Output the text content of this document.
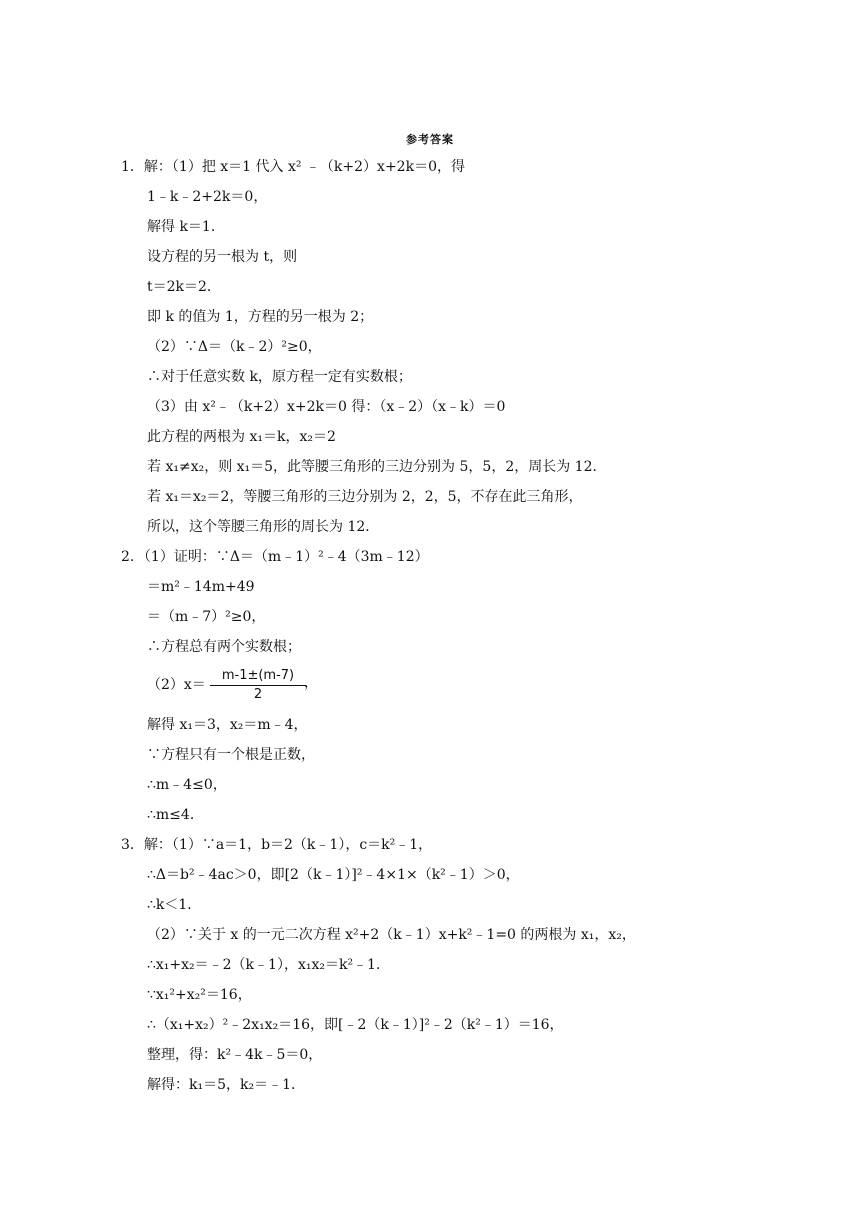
参考答案
1．解：（1）把 x＝1 代入 x² ﹣（k+2）x+2k＝0，得
1﹣k﹣2+2k＝0，
解得 k＝1．
设方程的另一根为 t，则
t＝2k＝2．
即 k 的值为 1，方程的另一根为 2；
（2）∵Δ＝（k﹣2）²≥0，
∴对于任意实数 k，原方程一定有实数根；
（3）由 x²﹣（k+2）x+2k＝0 得：（x﹣2）（x﹣k）＝0
此方程的两根为 x₁＝k，x₂＝2
若 x₁≠x₂，则 x₁＝5，此等腰三角形的三边分别为 5，5，2，周长为 12．
若 x₁＝x₂＝2，等腰三角形的三边分别为 2，2，5，不存在此三角形，
所以，这个等腰三角形的周长为 12．
2．（1）证明：∵Δ＝（m﹣1）²﹣4（3m﹣12）
＝m²﹣14m+49
＝（m﹣7）²≥0，
∴方程总有两个实数根；
（2）x＝
解得 x₁＝3，x₂＝m﹣4，
∵方程只有一个根是正数，
∴m﹣4≤0，
∴m≤4．
3．解：（1）∵a＝1，b＝2（k﹣1），c＝k²﹣1，
∴Δ＝b²﹣4ac＞0，即[2（k﹣1）]²﹣4×1×（k²﹣1）＞0，
∴k＜1．
（2）∵关于 x 的一元二次方程 x²+2（k﹣1）x+k²﹣1=0 的两根为 x₁，x₂，
∴x₁+x₂＝﹣2（k﹣1），x₁x₂＝k²﹣1．
∵x₁²+x₂²＝16，
∴（x₁+x₂）²﹣2x₁x₂＝16，即[﹣2（k﹣1）]²﹣2（k²﹣1）＝16，
整理，得：k²﹣4k﹣5＝0，
解得：k₁＝5，k₂＝﹣1．
m-1±(m-7)
2
，
